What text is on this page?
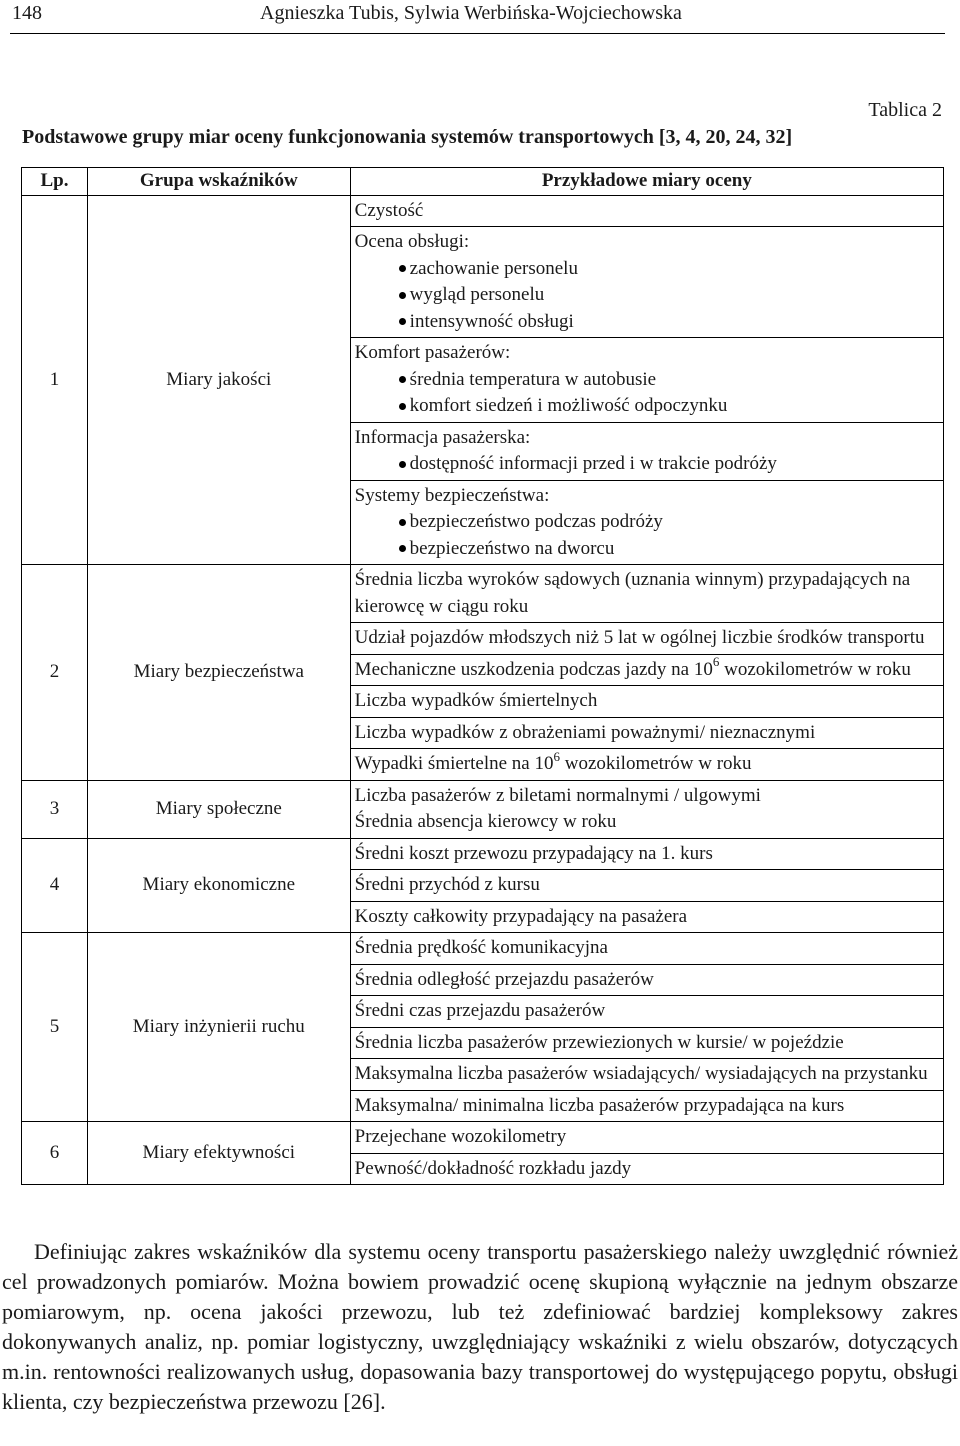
148	Agnieszka Tubis, Sylwia Werbińska-Wojciechowska
Tablica 2
Podstawowe grupy miar oceny funkcjonowania systemów transportowych [3, 4, 20, 24, 32]
Lp.	Grupa wskaźników	Przykładowe miary oceny
1	Miary jakości	Czystość

		Ocena obsługi:
zachowanie personelu
wygląd personelu
intensywność obsługi

		Komfort pasażerów:
średnia temperatura w autobusie
komfort siedzeń i możliwość odpoczynku

		Informacja pasażerska:
dostępność informacji przed i w trakcie podróży

		Systemy bezpieczeństwa:
bezpieczeństwo podczas podróży
bezpieczeństwo na dworcu

2	Miary bezpieczeństwa	Średnia liczba wyroków sądowych (uznania winnym) przypadających na kierowcę w ciągu roku
		Udział pojazdów młodszych niż 5 lat w ogólnej liczbie środków transportu
		Mechaniczne uszkodzenia podczas jazdy na $10^6$ wozokilometrów w roku
		Liczba wypadków śmiertelnych
		Liczba wypadków z obrażeniami poważnymi/ nieznacznymi
		Wypadki śmiertelne na $10^6$ wozokilometrów w roku
3	Miary społeczne	Liczba pasażerów z biletami normalnymi / ulgowymi
Średnia absencja kierowcy w roku

4	Miary ekonomiczne	Średni koszt przewozu przypadający na 1. kurs
		Średni przychód z kursu
		Koszty całkowity przypadający na pasażera
5	Miary inżynierii ruchu	Średnia prędkość komunikacyjna
		Średnia odległość przejazdu pasażerów
		Średni czas przejazdu pasażerów
		Średnia liczba pasażerów przewiezionych w kursie/ w pojeździe
		Maksymalna liczba pasażerów wsiadających/ wysiadających na przystanku
		Maksymalna/ minimalna liczba pasażerów przypadająca na kurs
6	Miary efektywności	Przejechane wozokilometry
		Pewność/dokładność rozkładu jazdy

Definiując zakres wskaźników dla systemu oceny transportu pasażerskiego należy uwzględnić również cel prowadzonych pomiarów. Można bowiem prowadzić ocenę skupioną wyłącznie na jednym obszarze pomiarowym, np. ocena jakości przewozu, lub też zdefiniować bardziej kompleksowy zakres dokonywanych analiz, np. pomiar logistyczny, uwzględniający wskaźniki z wielu obszarów, dotyczących m.in. rentowności realizowanych usług, dopasowania bazy transportowej do występującego popytu, obsługi klienta, czy bezpieczeństwa przewozu [26].
